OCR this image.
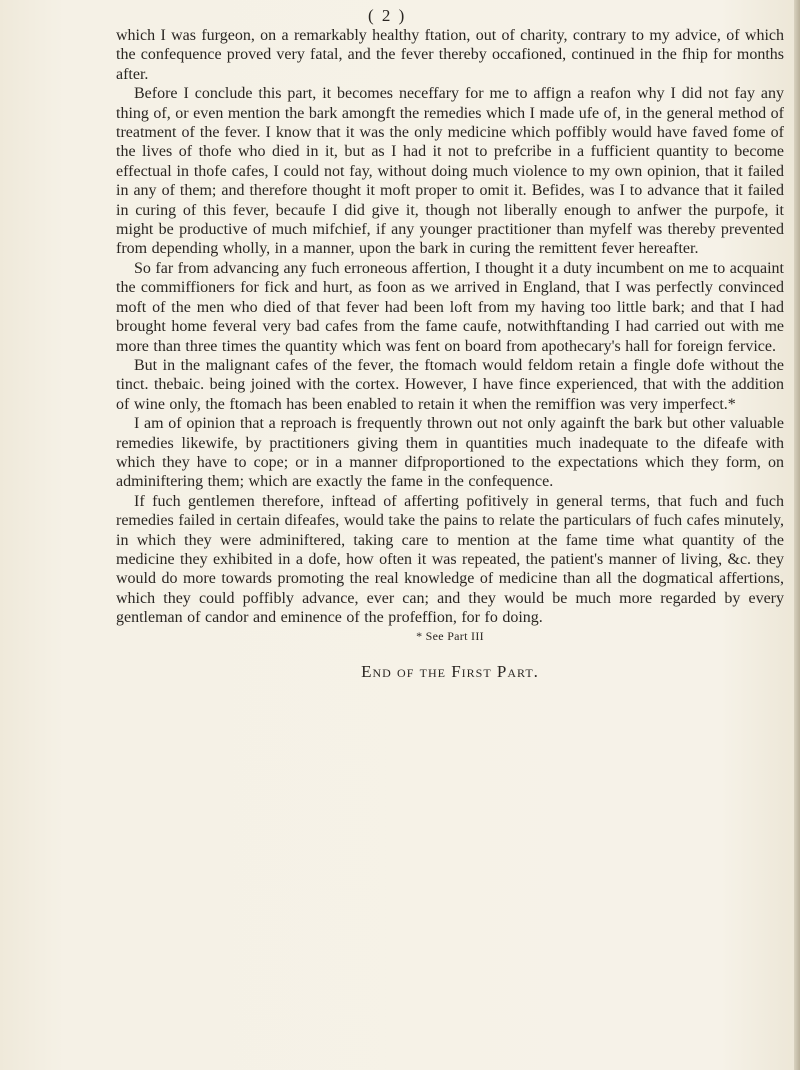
( 2 )

which I was furgeon, on a remarkably healthy ftation, out of charity, contrary to my advice, of which the confequence proved very fatal, and the fever thereby occafioned, continued in the fhip for months after.

Before I conclude this part, it becomes neceffary for me to affign a reafon why I did not fay any thing of, or even mention the bark amongft the remedies which I made ufe of, in the general method of treatment of the fever. I know that it was the only medicine which poffibly would have faved fome of the lives of thofe who died in it, but as I had it not to prefcribe in a fufficient quantity to become effectual in thofe cafes, I could not fay, without doing much violence to my own opinion, that it failed in any of them; and therefore thought it moft proper to omit it. Befides, was I to advance that it failed in curing of this fever, becaufe I did give it, though not liberally enough to anfwer the purpofe, it might be productive of much mifchief, if any younger practitioner than myfelf was thereby prevented from depending wholly, in a manner, upon the bark in curing the remittent fever hereafter.

So far from advancing any fuch erroneous affertion, I thought it a duty incumbent on me to acquaint the commiffioners for fick and hurt, as foon as we arrived in England, that I was perfectly convinced moft of the men who died of that fever had been loft from my having too little bark; and that I had brought home feveral very bad cafes from the fame caufe, notwithftanding I had carried out with me more than three times the quantity which was fent on board from apothecary's hall for foreign fervice.

But in the malignant cafes of the fever, the ftomach would feldom retain a fingle dofe without the tinct. thebaic. being joined with the cortex. However, I have fince experienced, that with the addition of wine only, the ftomach has been enabled to retain it when the remiffion was very imperfect.*

I am of opinion that a reproach is frequently thrown out not only againft the bark but other valuable remedies likewife, by practitioners giving them in quantities much inadequate to the difeafe with which they have to cope; or in a manner difproportioned to the expectations which they form, on adminiftering them; which are exactly the fame in the confequence.

If fuch gentlemen therefore, inftead of afferting pofitively in general terms, that fuch and fuch remedies failed in certain difeafes, would take the pains to relate the particulars of fuch cafes minutely, in which they were adminiftered, taking care to mention at the fame time what quantity of the medicine they exhibited in a dofe, how often it was repeated, the patient's manner of living, &c. they would do more towards promoting the real knowledge of medicine than all the dogmatical affertions, which they could poffibly advance, ever can; and they would be much more regarded by every gentleman of candor and eminence of the profeffion, for fo doing.

* See Part III

End of the First Part.
